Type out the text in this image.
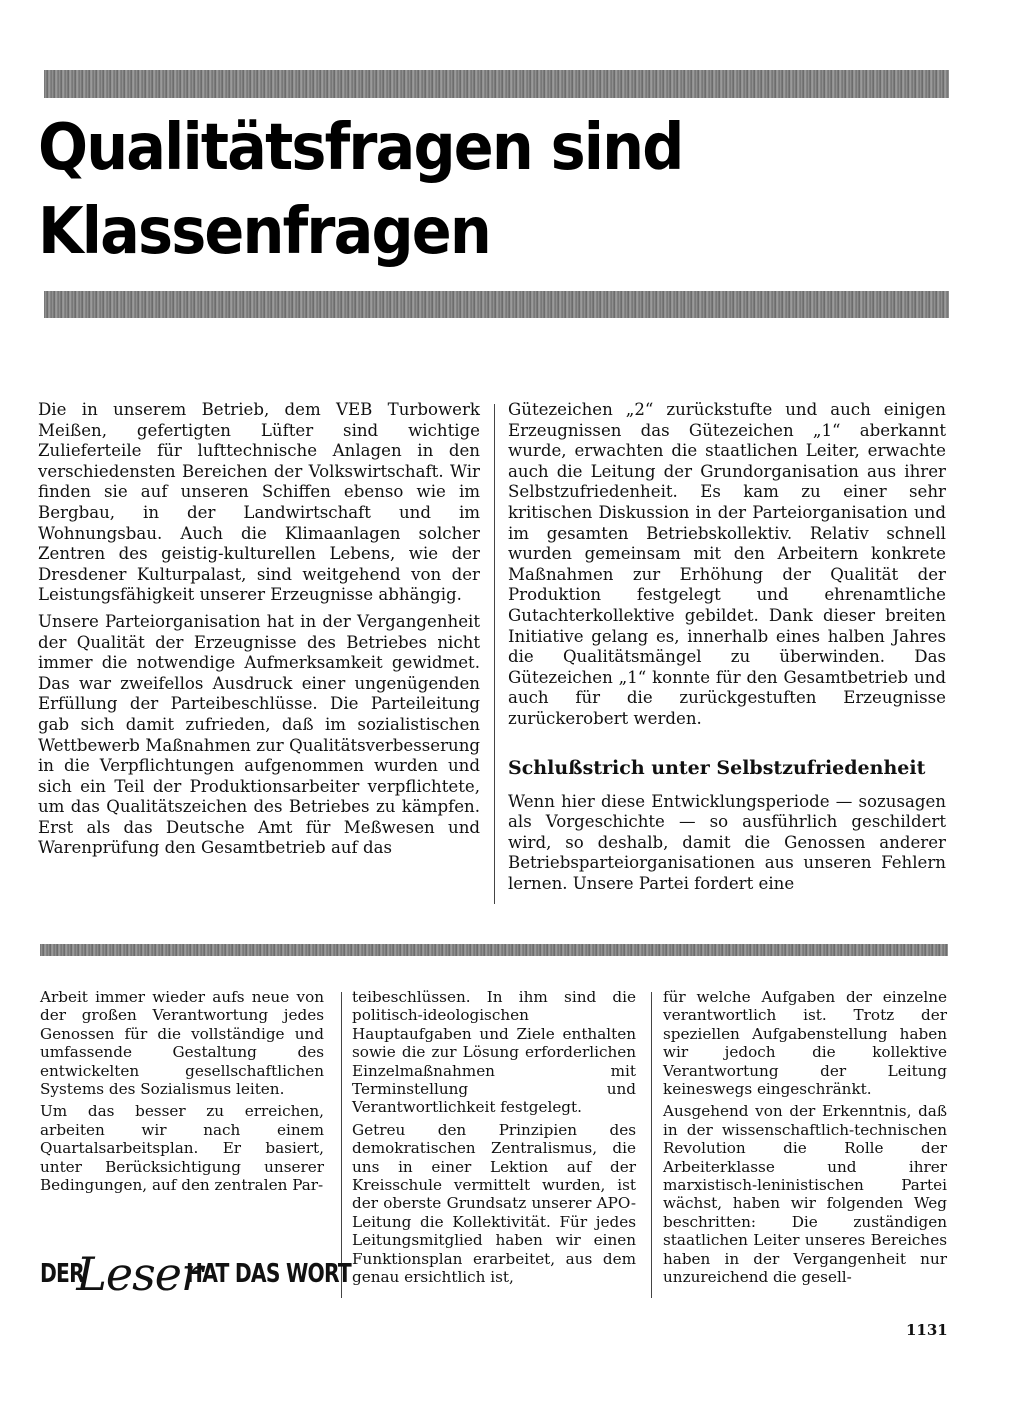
Qualitätsfragen sind
Klassenfragen

Die in unserem Betrieb, dem VEB Turbowerk Meißen, gefertigten Lüfter sind wichtige Zulieferteile für lufttechnische Anlagen in den verschiedensten Bereichen der Volkswirtschaft. Wir finden sie auf unseren Schiffen ebenso wie im Bergbau, in der Landwirtschaft und im Wohnungsbau. Auch die Klimaanlagen solcher Zentren des geistig-kulturellen Lebens, wie der Dresdener Kulturpalast, sind weitgehend von der Leistungsfähigkeit unserer Erzeugnisse abhängig.

Unsere Parteiorganisation hat in der Vergangenheit der Qualität der Erzeugnisse des Betriebes nicht immer die notwendige Aufmerksamkeit gewidmet. Das war zweifellos Ausdruck einer ungenügenden Erfüllung der Parteibeschlüsse. Die Parteileitung gab sich damit zufrieden, daß im sozialistischen Wettbewerb Maßnahmen zur Qualitätsverbesserung in die Verpflichtungen aufgenommen wurden und sich ein Teil der Produktionsarbeiter verpflichtete, um das Qualitätszeichen des Betriebes zu kämpfen. Erst als das Deutsche Amt für Meßwesen und Warenprüfung den Gesamtbetrieb auf das

Gütezeichen „2“ zurückstufte und auch einigen Erzeugnissen das Gütezeichen „1“ aberkannt wurde, erwachten die staatlichen Leiter, erwachte auch die Leitung der Grundorganisation aus ihrer Selbstzufriedenheit. Es kam zu einer sehr kritischen Diskussion in der Parteiorganisation und im gesamten Betriebskollektiv. Relativ schnell wurden gemeinsam mit den Arbeitern konkrete Maßnahmen zur Erhöhung der Qualität der Produktion festgelegt und ehrenamtliche Gutachterkollektive gebildet. Dank dieser breiten Initiative gelang es, innerhalb eines halben Jahres die Qualitätsmängel zu überwinden. Das Gütezeichen „1“ konnte für den Gesamtbetrieb und auch für die zurückgestuften Erzeugnisse zurückerobert werden.

Schlußstrich unter Selbstzufriedenheit

Wenn hier diese Entwicklungsperiode — sozusagen als Vorgeschichte — so ausführlich geschildert wird, so deshalb, damit die Genossen anderer Betriebsparteiorganisationen aus unseren Fehlern lernen. Unsere Partei fordert eine

Arbeit immer wieder aufs neue von der großen Verantwortung jedes Genossen für die vollständige und umfassende Gestaltung des entwickelten gesellschaftlichen Systems des Sozialismus leiten.

Um das besser zu erreichen, arbeiten wir nach einem Quartalsarbeitsplan. Er basiert, unter Berücksichtigung unserer Bedingungen, auf den zentralen Par-

teibeschlüssen. In ihm sind die politisch-ideologischen Hauptaufgaben und Ziele enthalten sowie die zur Lösung erforderlichen Einzelmaßnahmen mit Terminstellung und Verantwortlichkeit festgelegt.

Getreu den Prinzipien des demokratischen Zentralismus, die uns in einer Lektion auf der Kreisschule vermittelt wurden, ist der oberste Grundsatz unserer APO-Leitung die Kollektivität. Für jedes Leitungsmitglied haben wir einen Funktionsplan erarbeitet, aus dem genau ersichtlich ist,

für welche Aufgaben der einzelne verantwortlich ist. Trotz der speziellen Aufgabenstellung haben wir jedoch die kollektive Verantwortung der Leitung keineswegs eingeschränkt.

Ausgehend von der Erkenntnis, daß in der wissenschaftlich-technischen Revolution die Rolle der Arbeiterklasse und ihrer marxistisch-leninistischen Partei wächst, haben wir folgenden Weg beschritten: Die zuständigen staatlichen Leiter unseres Bereiches haben in der Vergangenheit nur unzureichend die gesell-

DER
Leser
HAT DAS WORT
1131
